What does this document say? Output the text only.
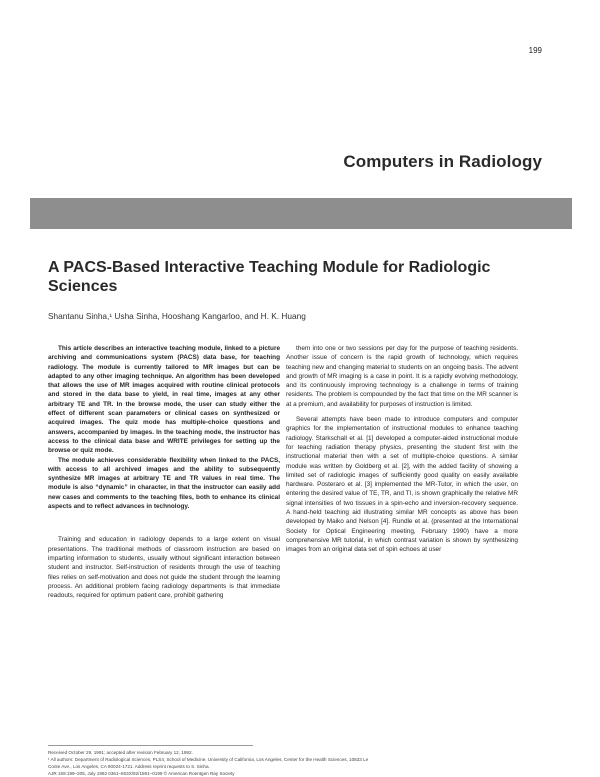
199
Computers in Radiology
A PACS-Based Interactive Teaching Module for Radiologic Sciences
Shantanu Sinha,¹ Usha Sinha, Hooshang Kangarloo, and H. K. Huang

This article describes an interactive teaching module, linked to a picture archiving and communications system (PACS) data base, for teaching radiology. The module is currently tailored to MR images but can be adapted to any other imaging technique. An algorithm has been developed that allows the use of MR images acquired with routine clinical protocols and stored in the data base to yield, in real time, images at any other arbitrary TE and TR. In the browse mode, the user can study either the effect of different scan parameters or clinical cases on synthesized or acquired images. The quiz mode has multiple-choice questions and answers, accompanied by images. In the teaching mode, the instructor has access to the clinical data base and WRITE privileges for setting up the browse or quiz mode.

The module achieves considerable flexibility when linked to the PACS, with access to all archived images and the ability to subsequently synthesize MR images at arbitrary TE and TR values in real time. The module is also “dynamic” in character, in that the instructor can easily add new cases and comments to the teaching files, both to enhance its clinical aspects and to reflect advances in technology.

Training and education in radiology depends to a large extent on visual presentations. The traditional methods of classroom instruction are based on imparting information to students, usually without significant interaction between student and instructor. Self-instruction of residents through the use of teaching files relies on self-motivation and does not guide the student through the learning process. An additional problem facing radiology departments is that immediate readouts, required for optimum patient care, prohibit gathering

them into one or two sessions per day for the purpose of teaching residents. Another issue of concern is the rapid growth of technology, which requires teaching new and changing material to students on an ongoing basis. The advent and growth of MR imaging is a case in point. It is a rapidly evolving methodology, and its continuously improving technology is a challenge in terms of training residents. The problem is compounded by the fact that time on the MR scanner is at a premium, and availability for purposes of instruction is limited.

Several attempts have been made to introduce computers and computer graphics for the implementation of instructional modules to enhance teaching radiology. Starkschall et al. [1] developed a computer-aided instructional module for teaching radiation therapy physics, presenting the student first with the instructional material then with a set of multiple-choice questions. A similar module was written by Goldberg et al. [2], with the added facility of showing a limited set of radiologic images of sufficiently good quality on easily available hardware. Posteraro et al. [3] implemented the MR-Tutor, in which the user, on entering the desired value of TE, TR, and TI, is shown graphically the relative MR signal intensities of two tissues in a spin-echo and inversion-recovery sequence. A hand-held teaching aid illustrating similar MR concepts as above has been developed by Maiko and Nelson [4]. Rundle et al. (presented at the International Society for Optical Engineering meeting, February 1990) have a more comprehensive MR tutorial, in which contrast variation is shown by synthesizing images from an original data set of spin echoes at user

Received October 29, 1991; accepted after revision February 12, 1992.
¹ All authors: Department of Radiological Sciences, PLS4, School of Medicine, University of California, Los Angeles, Center for the Health Sciences, 10833 Le
Conte Ave., Los Angeles, CA 90024-1721. Address reprint requests to S. Sinha.
AJR 159:199–205, July 1992 0361–803X/92/1591–0199 © American Roentgen Ray Society
